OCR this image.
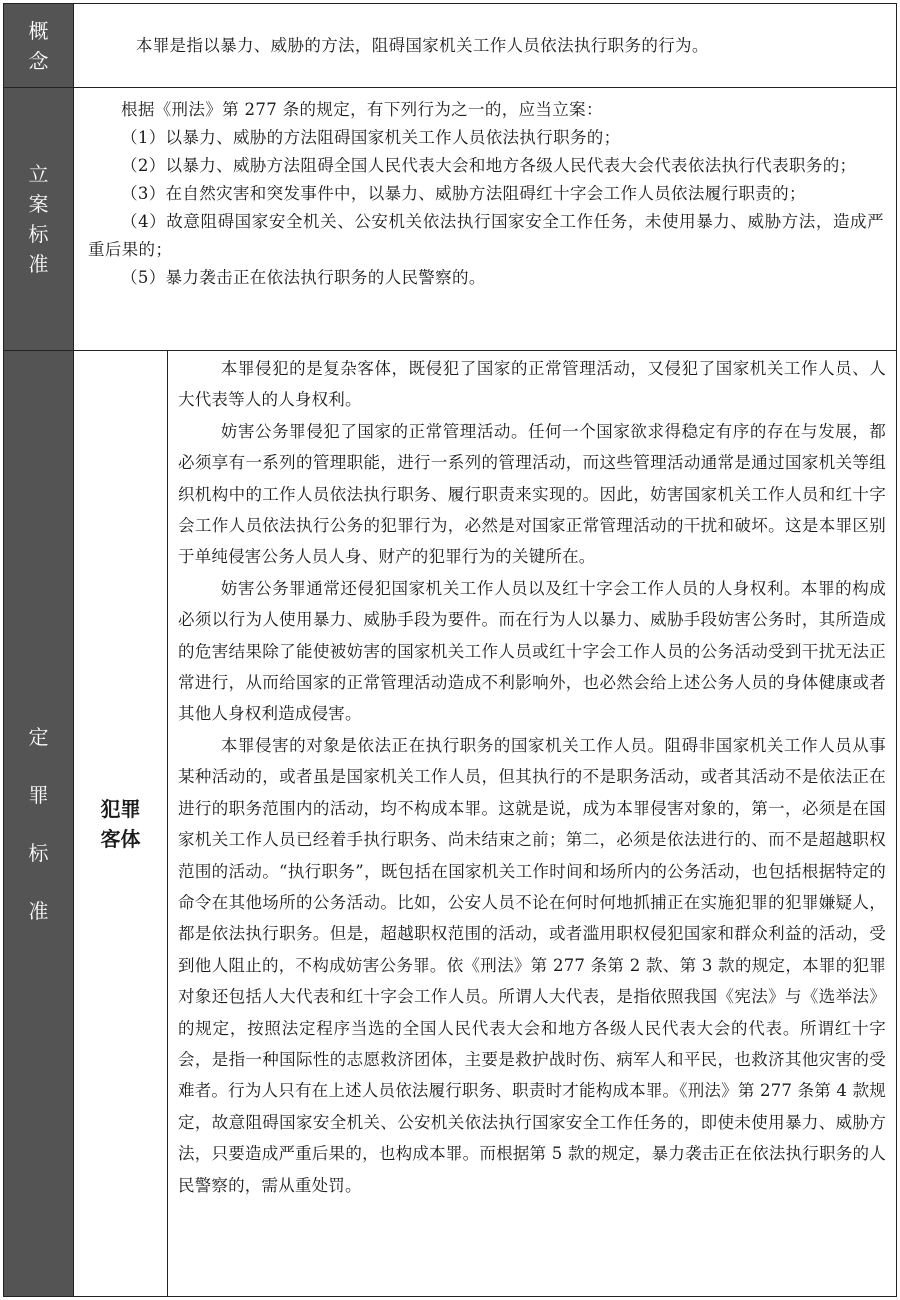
概
念

本罪是指以暴力、威胁的方法，阻碍国家机关工作人员依法执行职务的行为。

立
案
标
准

根据《刑法》第 277 条的规定，有下列行为之一的，应当立案：

（1）以暴力、威胁的方法阻碍国家机关工作人员依法执行职务的；

（2）以暴力、威胁方法阻碍全国人民代表大会和地方各级人民代表大会代表依法执行代表职务的；

（3）在自然灾害和突发事件中，以暴力、威胁方法阻碍红十字会工作人员依法履行职责的；

（4）故意阻碍国家安全机关、公安机关依法执行国家安全工作任务，未使用暴力、威胁方法，造成严重后果的；

（5）暴力袭击正在依法执行职务的人民警察的。

定
罪
标
准
犯罪
客体

本罪侵犯的是复杂客体，既侵犯了国家的正常管理活动，又侵犯了国家机关工作人员、人大代表等人的人身权利。

妨害公务罪侵犯了国家的正常管理活动。任何一个国家欲求得稳定有序的存在与发展，都必须享有一系列的管理职能，进行一系列的管理活动，而这些管理活动通常是通过国家机关等组织机构中的工作人员依法执行职务、履行职责来实现的。因此，妨害国家机关工作人员和红十字会工作人员依法执行公务的犯罪行为，必然是对国家正常管理活动的干扰和破坏。这是本罪区别于单纯侵害公务人员人身、财产的犯罪行为的关键所在。

妨害公务罪通常还侵犯国家机关工作人员以及红十字会工作人员的人身权利。本罪的构成必须以行为人使用暴力、威胁手段为要件。而在行为人以暴力、威胁手段妨害公务时，其所造成的危害结果除了能使被妨害的国家机关工作人员或红十字会工作人员的公务活动受到干扰无法正常进行，从而给国家的正常管理活动造成不利影响外，也必然会给上述公务人员的身体健康或者其他人身权利造成侵害。

本罪侵害的对象是依法正在执行职务的国家机关工作人员。阻碍非国家机关工作人员从事某种活动的，或者虽是国家机关工作人员，但其执行的不是职务活动，或者其活动不是依法正在进行的职务范围内的活动，均不构成本罪。这就是说，成为本罪侵害对象的，第一，必须是在国家机关工作人员已经着手执行职务、尚未结束之前；第二，必须是依法进行的、而不是超越职权范围的活动。“执行职务”，既包括在国家机关工作时间和场所内的公务活动，也包括根据特定的命令在其他场所的公务活动。比如，公安人员不论在何时何地抓捕正在实施犯罪的犯罪嫌疑人，都是依法执行职务。但是，超越职权范围的活动，或者滥用职权侵犯国家和群众利益的活动，受到他人阻止的，不构成妨害公务罪。依《刑法》第 277 条第 2 款、第 3 款的规定，本罪的犯罪对象还包括人大代表和红十字会工作人员。所谓人大代表，是指依照我国《宪法》与《选举法》的规定，按照法定程序当选的全国人民代表大会和地方各级人民代表大会的代表。所谓红十字会，是指一种国际性的志愿救济团体，主要是救护战时伤、病军人和平民，也救济其他灾害的受难者。行为人只有在上述人员依法履行职务、职责时才能构成本罪。《刑法》第 277 条第 4 款规定，故意阻碍国家安全机关、公安机关依法执行国家安全工作任务的，即使未使用暴力、威胁方法，只要造成严重后果的，也构成本罪。而根据第 5 款的规定，暴力袭击正在依法执行职务的人民警察的，需从重处罚。
